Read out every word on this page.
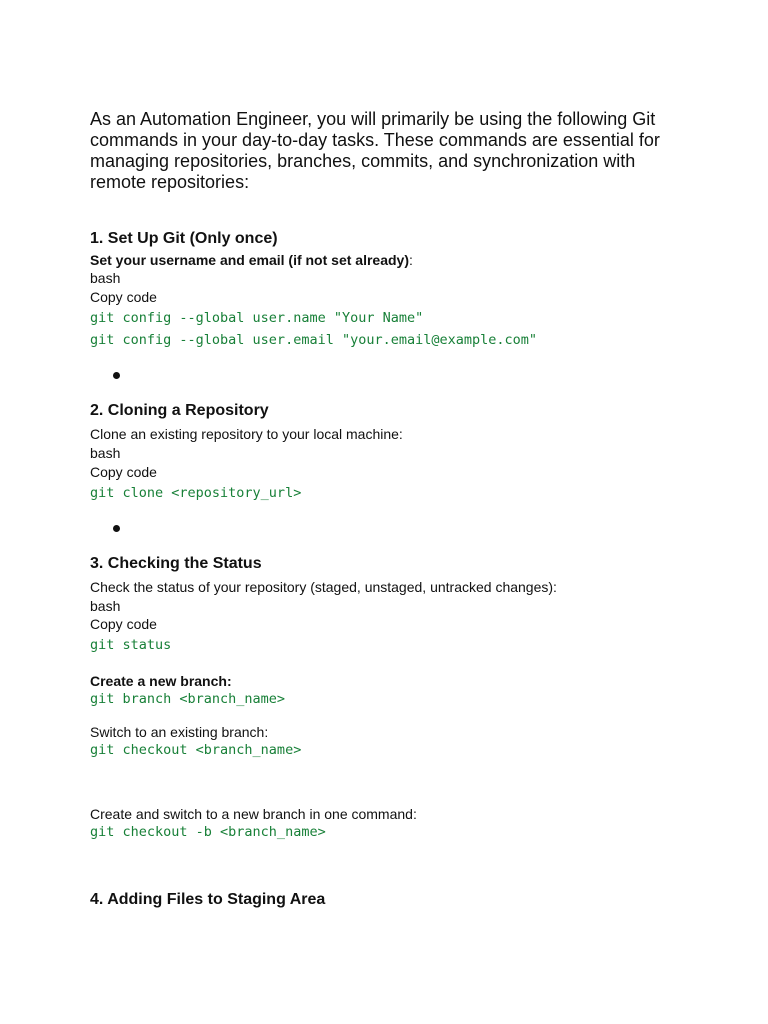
As an Automation Engineer, you will primarily be using the following Git
commands in your day-to-day tasks. These commands are essential for
managing repositories, branches, commits, and synchronization with
remote repositories:
1. Set Up Git (Only once)
Set your username and email (if not set already):
bash
Copy code
git config --global user.name "Your Name"
git config --global user.email "your.email@example.com"
2. Cloning a Repository
Clone an existing repository to your local machine:
bash
Copy code
git clone <repository_url>
3. Checking the Status
Check the status of your repository (staged, unstaged, untracked changes):
bash
Copy code
git status
Create a new branch:
git branch <branch_name>
Switch to an existing branch:
git checkout <branch_name>
Create and switch to a new branch in one command:
git checkout -b <branch_name>
4. Adding Files to Staging Area
